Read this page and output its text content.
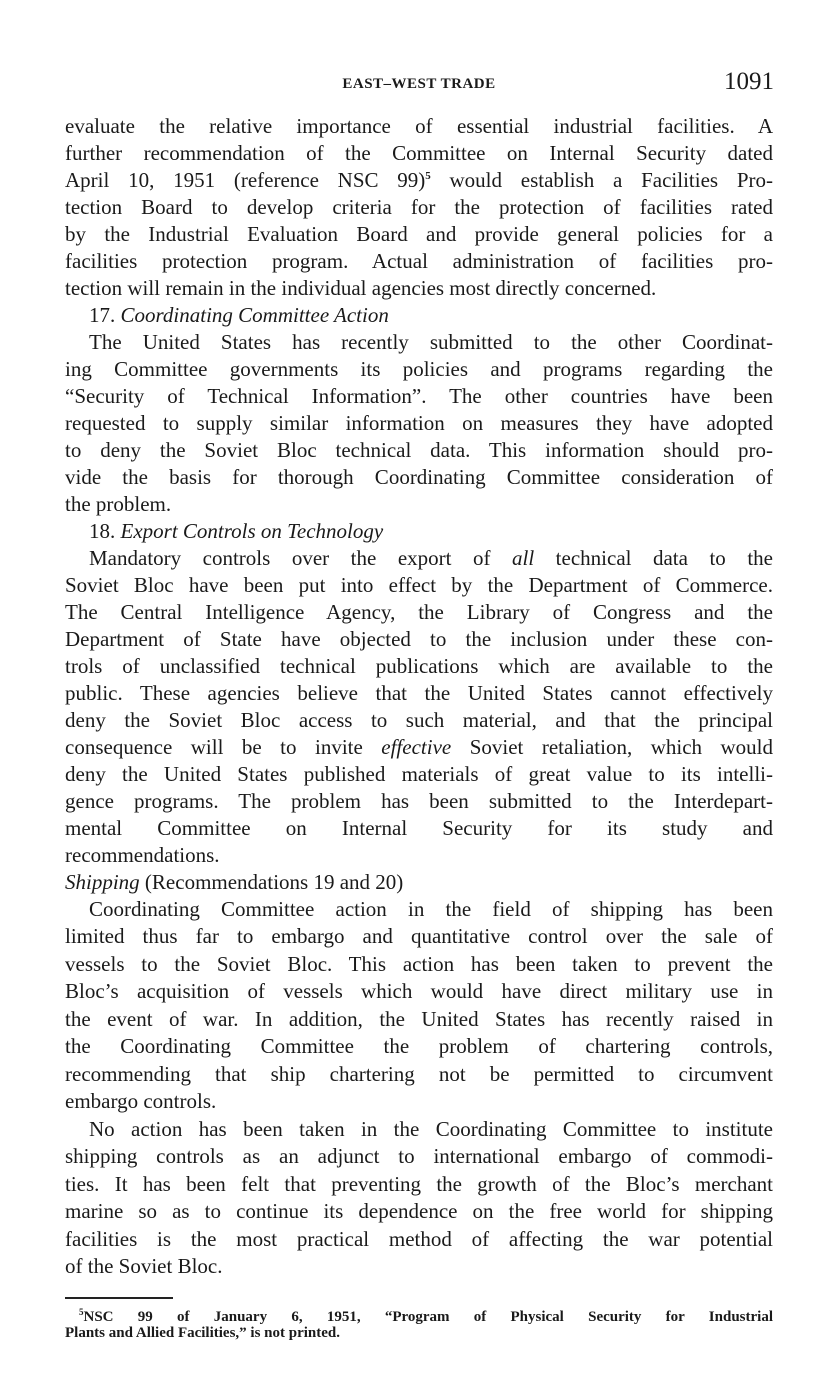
EAST–WEST TRADE	1091
evaluate the relative importance of essential industrial facilities. A
further recommendation of the Committee on Internal Security dated
April 10, 1951 (reference NSC 99)$^5$ would establish a Facilities Pro-
tection Board to develop criteria for the protection of facilities rated
by the Industrial Evaluation Board and provide general policies for a
facilities protection program. Actual administration of facilities pro-
tection will remain in the individual agencies most directly concerned.
17. Coordinating Committee Action
The United States has recently submitted to the other Coordinat-
ing Committee governments its policies and programs regarding the
“Security of Technical Information”. The other countries have been
requested to supply similar information on measures they have adopted
to deny the Soviet Bloc technical data. This information should pro-
vide the basis for thorough Coordinating Committee consideration of
the problem.
18. Export Controls on Technology
Mandatory controls over the export of all technical data to the
Soviet Bloc have been put into effect by the Department of Commerce.
The Central Intelligence Agency, the Library of Congress and the
Department of State have objected to the inclusion under these con-
trols of unclassified technical publications which are available to the
public. These agencies believe that the United States cannot effectively
deny the Soviet Bloc access to such material, and that the principal
consequence will be to invite effective Soviet retaliation, which would
deny the United States published materials of great value to its intelli-
gence programs. The problem has been submitted to the Interdepart-
mental Committee on Internal Security for its study and
recommendations.
Shipping (Recommendations 19 and 20)
Coordinating Committee action in the field of shipping has been
limited thus far to embargo and quantitative control over the sale of
vessels to the Soviet Bloc. This action has been taken to prevent the
Bloc’s acquisition of vessels which would have direct military use in
the event of war. In addition, the United States has recently raised in
the Coordinating Committee the problem of chartering controls,
recommending that ship chartering not be permitted to circumvent
embargo controls.
No action has been taken in the Coordinating Committee to institute
shipping controls as an adjunct to international embargo of commodi-
ties. It has been felt that preventing the growth of the Bloc’s merchant
marine so as to continue its dependence on the free world for shipping
facilities is the most practical method of affecting the war potential
of the Soviet Bloc.
$^5$NSC 99 of January 6, 1951, “Program of Physical Security for Industrial
Plants and Allied Facilities,” is not printed.
